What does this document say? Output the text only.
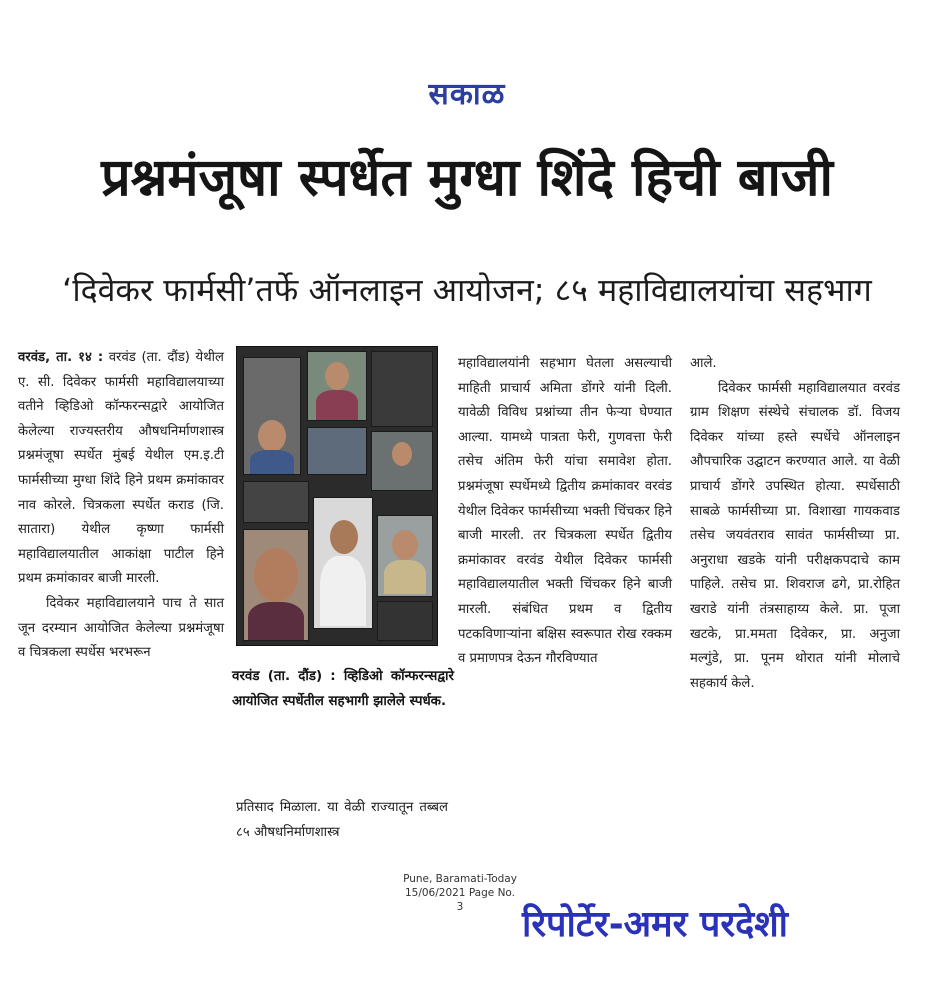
सकाळ
प्रश्नमंजूषा स्पर्धेत मुग्धा शिंदे हिची बाजी
‘दिवेकर फार्मसी’तर्फे ऑनलाइन आयोजन; ८५ महाविद्यालयांचा सहभाग

वरवंड, ता. १४ : वरवंड (ता. दौंड) येथील ए. सी. दिवेकर फार्मसी महाविद्यालयाच्या वतीने व्हिडिओ कॉन्फरन्सद्वारे आयोजित केलेल्या राज्यस्तरीय औषधनिर्माणशास्त्र प्रश्नमंजूषा स्पर्धेत मुंबई येथील एम.इ.टी फार्मसीच्या मुग्धा शिंदे हिने प्रथम क्रमांकावर नाव कोरले. चित्रकला स्पर्धेत कराड (जि. सातारा) येथील कृष्णा फार्मसी महाविद्यालयातील आकांक्षा पाटील हिने प्रथम क्रमांकावर बाजी मारली.

दिवेकर महाविद्यालयाने पाच ते सात जून दरम्यान आयोजित केलेल्या प्रश्नमंजूषा व चित्रकला स्पर्धेस भरभरून

वरवंड (ता. दौंड) : व्हिडिओ कॉन्फरन्सद्वारे आयोजित स्पर्धेतील सहभागी झालेले स्पर्धक.

प्रतिसाद मिळाला. या वेळी राज्यातून तब्बल ८५ औषधनिर्माणशास्त्र

महाविद्यालयांनी सहभाग घेतला असल्याची माहिती प्राचार्य अमिता डोंगरे यांनी दिली. यावेळी विविध प्रश्नांच्या तीन फेऱ्या घेण्यात आल्या. यामध्ये पात्रता फेरी, गुणवत्ता फेरी तसेच अंतिम फेरी यांचा समावेश होता. प्रश्नमंजूषा स्पर्धेमध्ये द्वितीय क्रमांकावर वरवंड येथील दिवेकर फार्मसीच्या भक्ती चिंचकर हिने बाजी मारली. तर चित्रकला स्पर्धेत द्वितीय क्रमांकावर वरवंड येथील दिवेकर फार्मसी महाविद्यालयातील भक्ती चिंचकर हिने बाजी मारली. संबंधित प्रथम व द्वितीय पटकविणाऱ्यांना बक्षिस स्वरूपात रोख रक्कम व प्रमाणपत्र देऊन गौरविण्यात

आले.

दिवेकर फार्मसी महाविद्यालयात वरवंड ग्राम शिक्षण संस्थेचे संचालक डॉ. विजय दिवेकर यांच्या हस्ते स्पर्धेचे ऑनलाइन औपचारिक उद्घाटन करण्यात आले. या वेळी प्राचार्य डोंगरे उपस्थित होत्या. स्पर्धेसाठी साबळे फार्मसीच्या प्रा. विशाखा गायकवाड तसेच जयवंतराव सावंत फार्मसीच्या प्रा. अनुराधा खडके यांनी परीक्षकपदाचे काम पाहिले. तसेच प्रा. शिवराज ढगे, प्रा.रोहित खराडे यांनी तंत्रसाहाय्य केले. प्रा. पूजा खटके, प्रा.ममता दिवेकर, प्रा. अनुजा मल्गुंडे, प्रा. पूनम थोरात यांनी मोलाचे सहकार्य केले.

Pune, Baramati-Today
15/06/2021 Page No. 3	रिपोर्टेर-अमर परदेशी
